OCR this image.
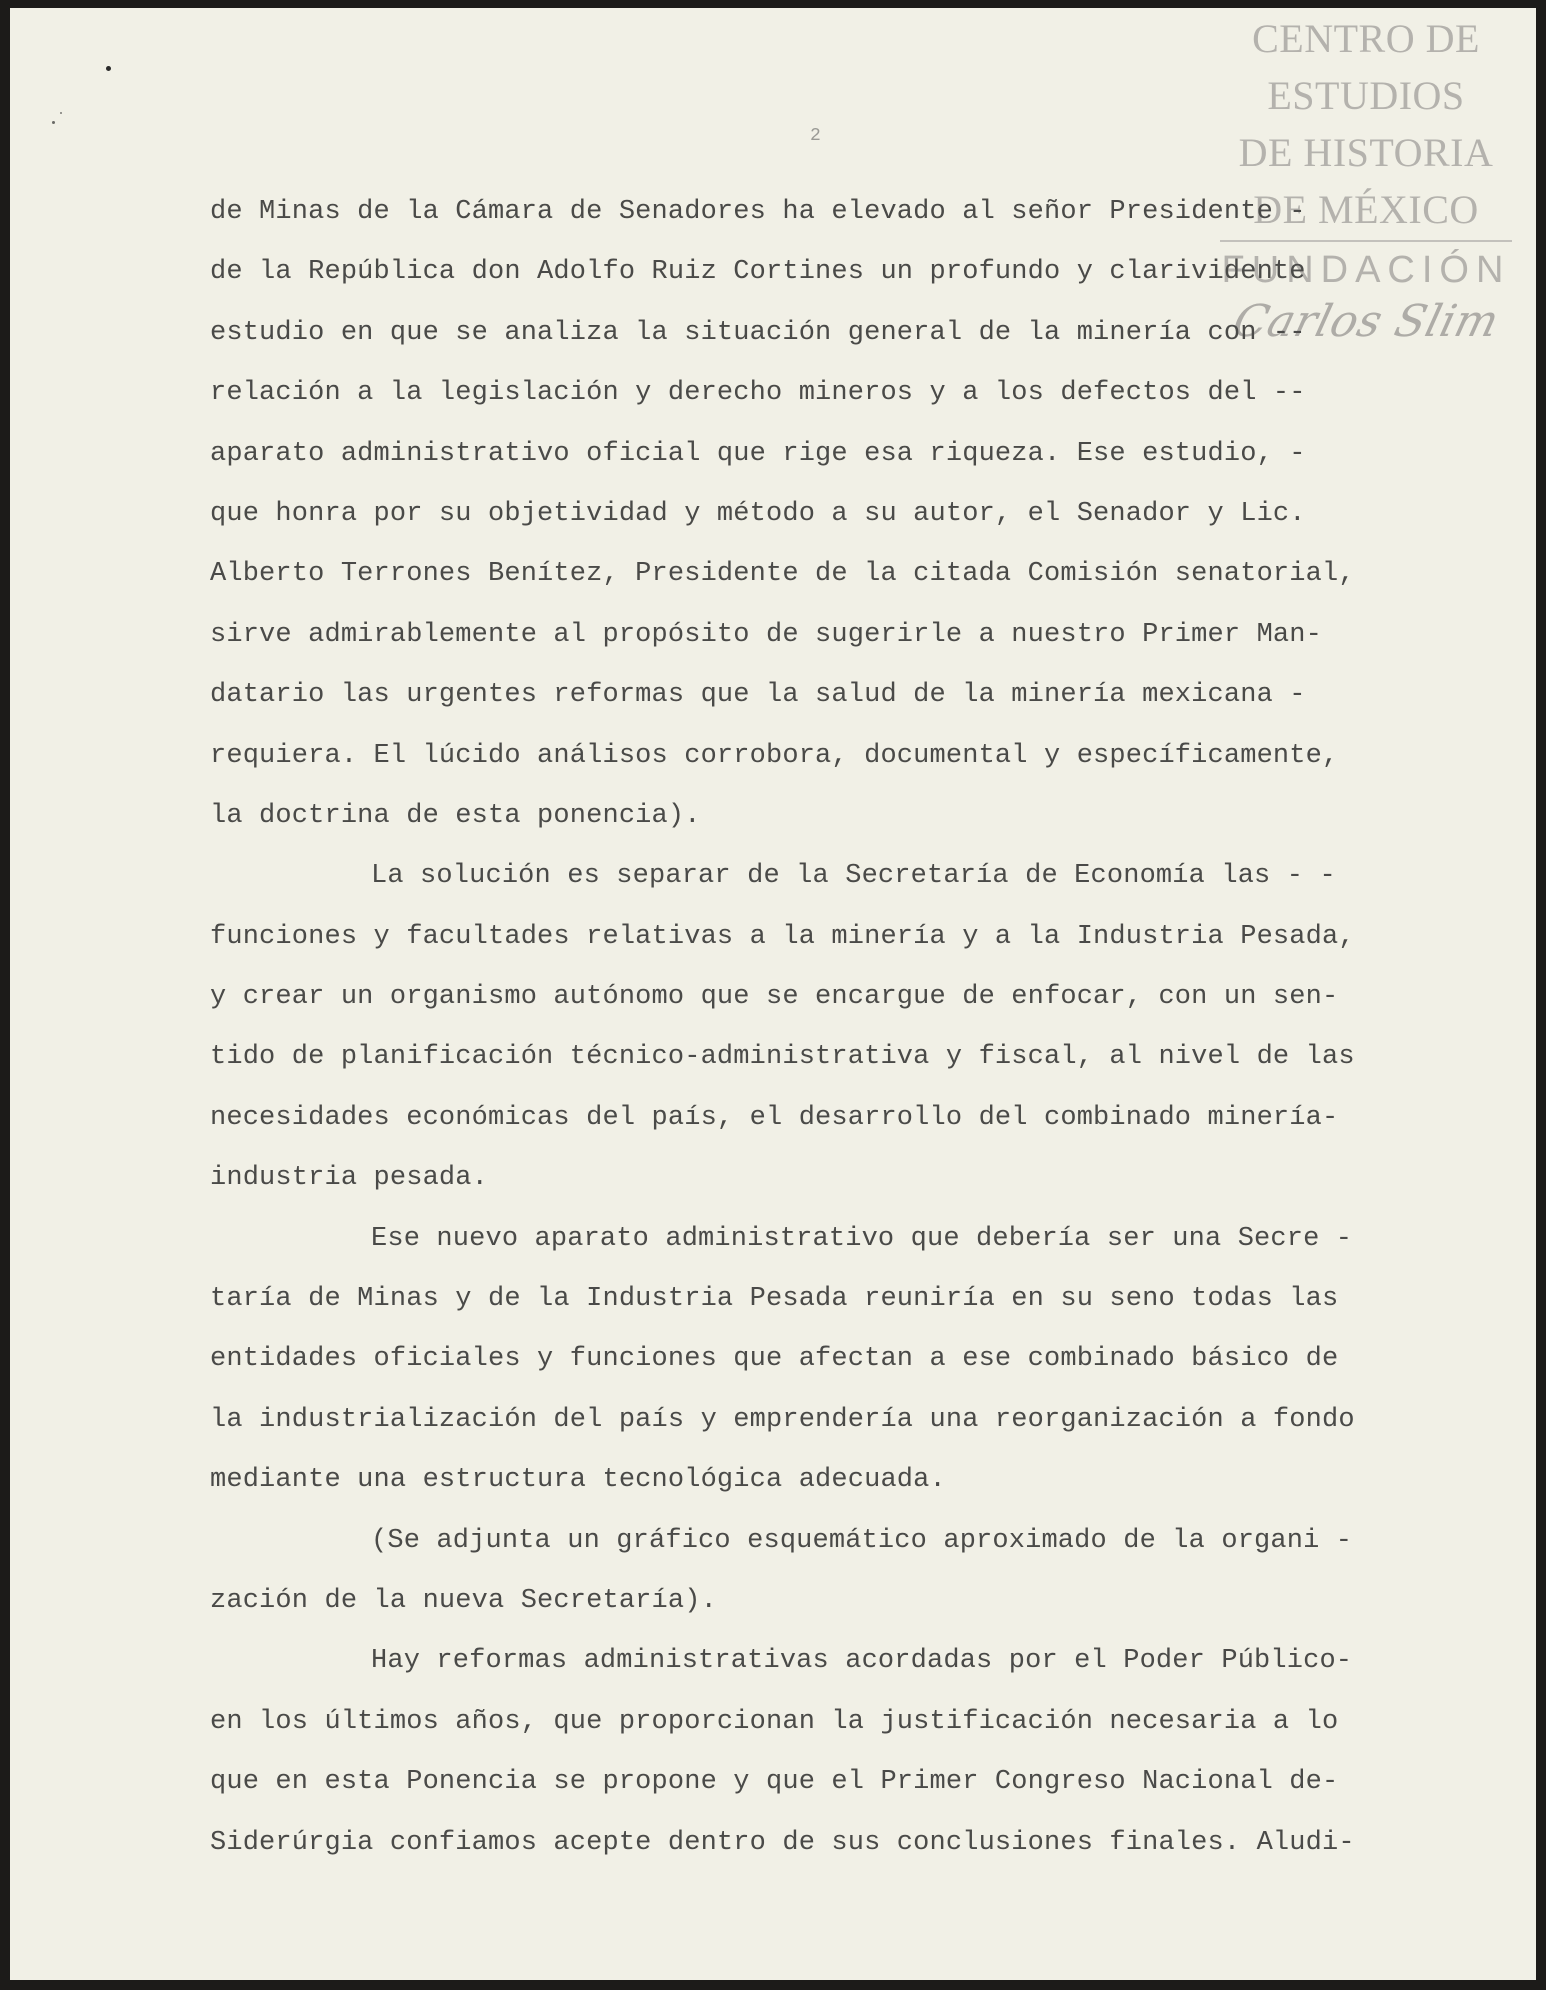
CENTRO DE
ESTUDIOS
DE HISTORIA
DE MÉXICO
FUNDACIÓN
Carlos Slim
2
de Minas de la Cámara de Senadores ha elevado al señor Presidente -
de la República don Adolfo Ruiz Cortines un profundo y clarividente
estudio en que se analiza la situación general de la minería con --
relación a la legislación y derecho mineros y a los defectos del --
aparato administrativo oficial que rige esa riqueza. Ese estudio, -
que honra por su objetividad y método a su autor, el Senador y Lic.
Alberto Terrones Benítez, Presidente de la citada Comisión senatorial,
sirve admirablemente al propósito de sugerirle a nuestro Primer Man-
datario las urgentes reformas que la salud de la minería mexicana -
requiera. El lúcido análisos corrobora, documental y específicamente,
la doctrina de esta ponencia).
La solución es separar de la Secretaría de Economía las - -
funciones y facultades relativas a la minería y a la Industria Pesada,
y crear un organismo autónomo que se encargue de enfocar, con un sen-
tido de planificación técnico-administrativa y fiscal, al nivel de las
necesidades económicas del país, el desarrollo del combinado minería-
industria pesada.
Ese nuevo aparato administrativo que debería ser una Secre -
taría de Minas y de la Industria Pesada reuniría en su seno todas las
entidades oficiales y funciones que afectan a ese combinado básico de
la industrialización del país y emprendería una reorganización a fondo
mediante una estructura tecnológica adecuada.
(Se adjunta un gráfico esquemático aproximado de la organi -
zación de la nueva Secretaría).
Hay reformas administrativas acordadas por el Poder Público-
en los últimos años, que proporcionan la justificación necesaria a lo
que en esta Ponencia se propone y que el Primer Congreso Nacional de-
Siderúrgia confiamos acepte dentro de sus conclusiones finales. Aludi-
